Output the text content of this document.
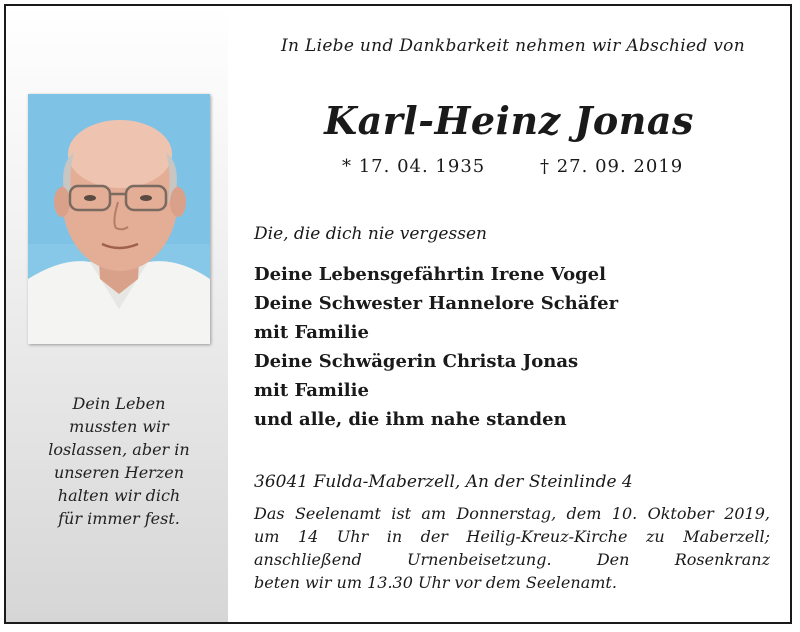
Dein Leben
mussten wir
loslassen, aber in
unseren Herzen
halten wir dich
für immer fest.
In Liebe und Dankbarkeit nehmen wir Abschied von
Karl-Heinz Jonas
* 17. 04. 1935	† 27. 09. 2019
Die, die dich nie vergessen
Deine Lebensgefährtin Irene Vogel
Deine Schwester Hannelore Schäfer
mit Familie
Deine Schwägerin Christa Jonas
mit Familie
und alle, die ihm nahe standen
36041 Fulda-Maberzell, An der Steinlinde 4
Das Seelenamt ist am Donnerstag, dem 10. Oktober 2019,
um 14 Uhr in der Heilig-Kreuz-Kirche zu Maberzell;
anschließend Urnenbeisetzung. Den Rosenkranz
beten wir um 13.30 Uhr vor dem Seelenamt.
